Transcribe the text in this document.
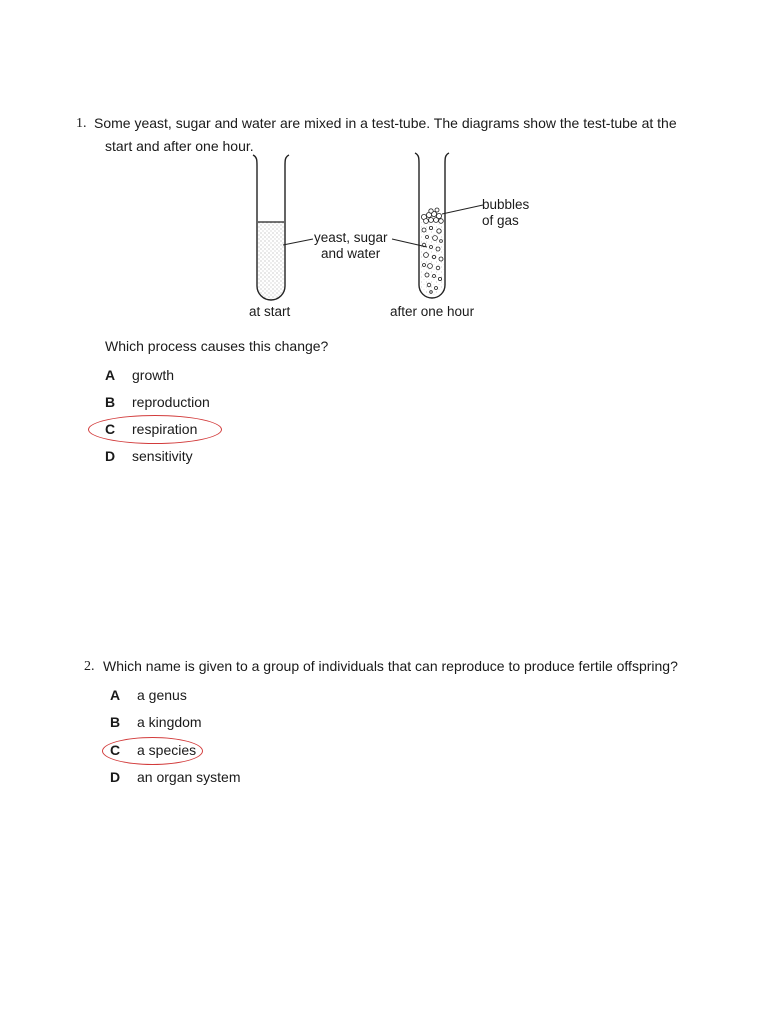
1. Some yeast, sugar and water are mixed in a test-tube. The diagrams show the test-tube at the
start and after one hour.
yeast, sugar
and water
bubbles
of gas
at start	after one hour
Which process causes this change?
A growth
B reproduction
C respiration
D sensitivity
2. Which name is given to a group of individuals that can reproduce to produce fertile offspring?
A a genus
B a kingdom
C a species
D an organ system
